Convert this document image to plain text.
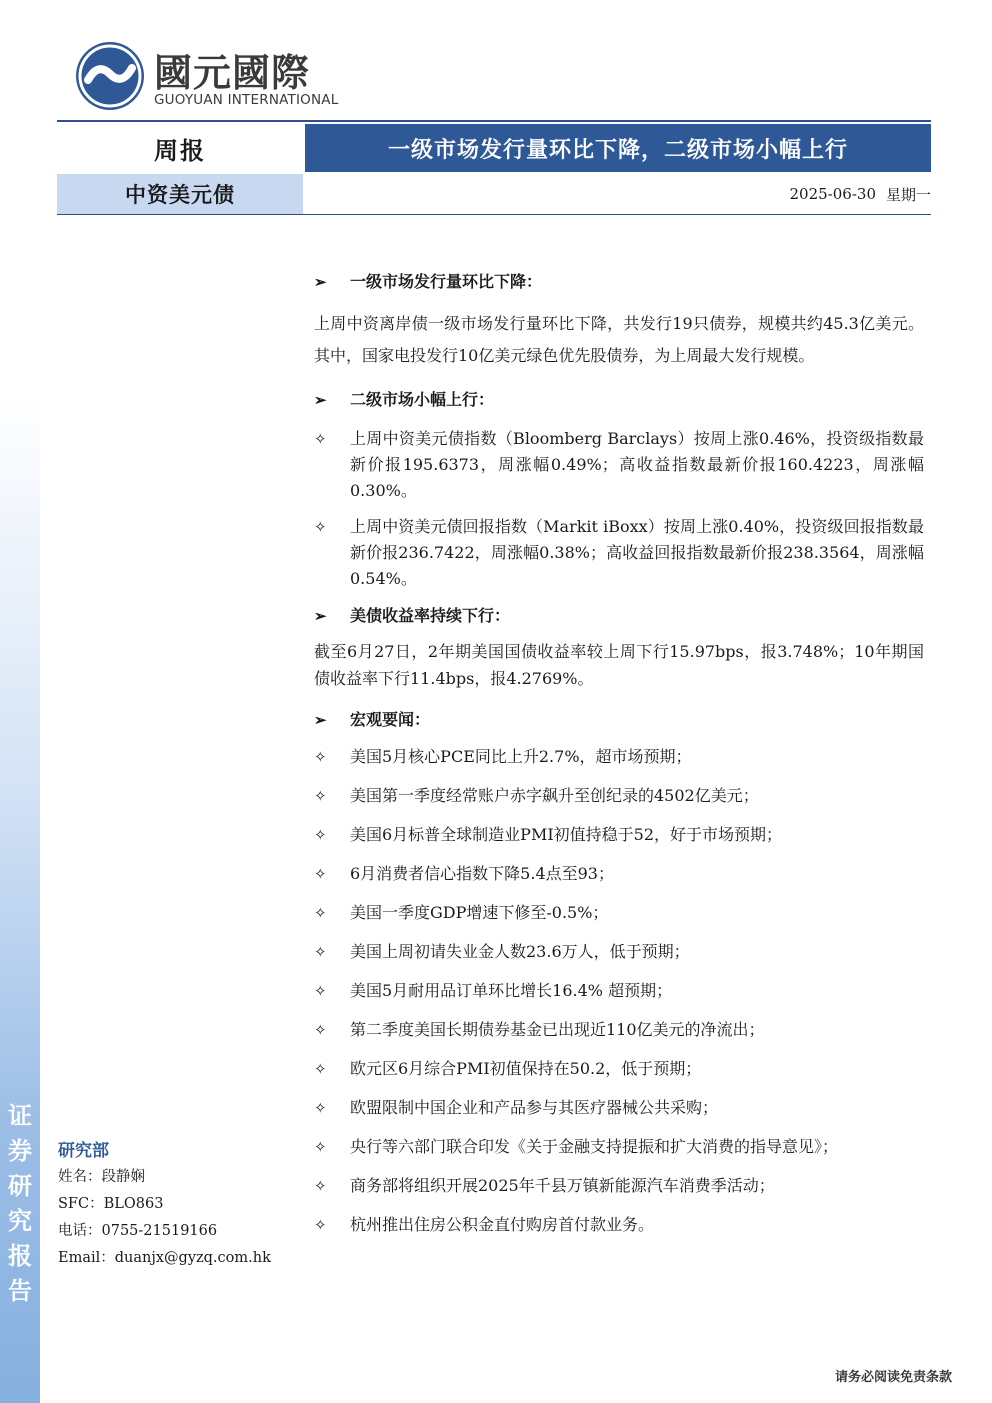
证
券
研
究
报
告
國元國際
GUOYUAN INTERNATIONAL
周报	一级市场发行量环比下降，二级市场小幅上行
中资美元债	2025-06-30 星期一
➢	一级市场发行量环比下降：
上周中资离岸债一级市场发行量环比下降，共发行19只债券，规模共约45.3亿美元。其中，国家电投发行10亿美元绿色优先股债券，为上周最大发行规模。
➢	二级市场小幅上行：
✧	上周中资美元债指数（Bloomberg Barclays）按周上涨0.46%，投资级指数最新价报195.6373，周涨幅0.49%；高收益指数最新价报160.4223，周涨幅0.30%。
✧	上周中资美元债回报指数（Markit iBoxx）按周上涨0.40%，投资级回报指数最新价报236.7422，周涨幅0.38%；高收益回报指数最新价报238.3564，周涨幅0.54%。
➢	美债收益率持续下行：
截至6月27日，2年期美国国债收益率较上周下行15.97bps，报3.748%；10年期国债收益率下行11.4bps，报4.2769%。
➢	宏观要闻：
✧	美国5月核心PCE同比上升2.7%，超市场预期；
✧	美国第一季度经常账户赤字飙升至创纪录的4502亿美元；
✧	美国6月标普全球制造业PMI初值持稳于52，好于市场预期；
✧	6月消费者信心指数下降5.4点至93；
✧	美国一季度GDP增速下修至-0.5%；
✧	美国上周初请失业金人数23.6万人，低于预期；
✧	美国5月耐用品订单环比增长16.4% 超预期；
✧	第二季度美国长期债券基金已出现近110亿美元的净流出；
✧	欧元区6月综合PMI初值保持在50.2，低于预期；
✧	欧盟限制中国企业和产品参与其医疗器械公共采购；
✧	央行等六部门联合印发《关于金融支持提振和扩大消费的指导意见》；
✧	商务部将组织开展2025年千县万镇新能源汽车消费季活动；
✧	杭州推出住房公积金直付购房首付款业务。
研究部
姓名：段静娴
SFC：BLO863
电话：0755-21519166
Email：duanjx@gyzq.com.hk
请务必阅读免责条款
